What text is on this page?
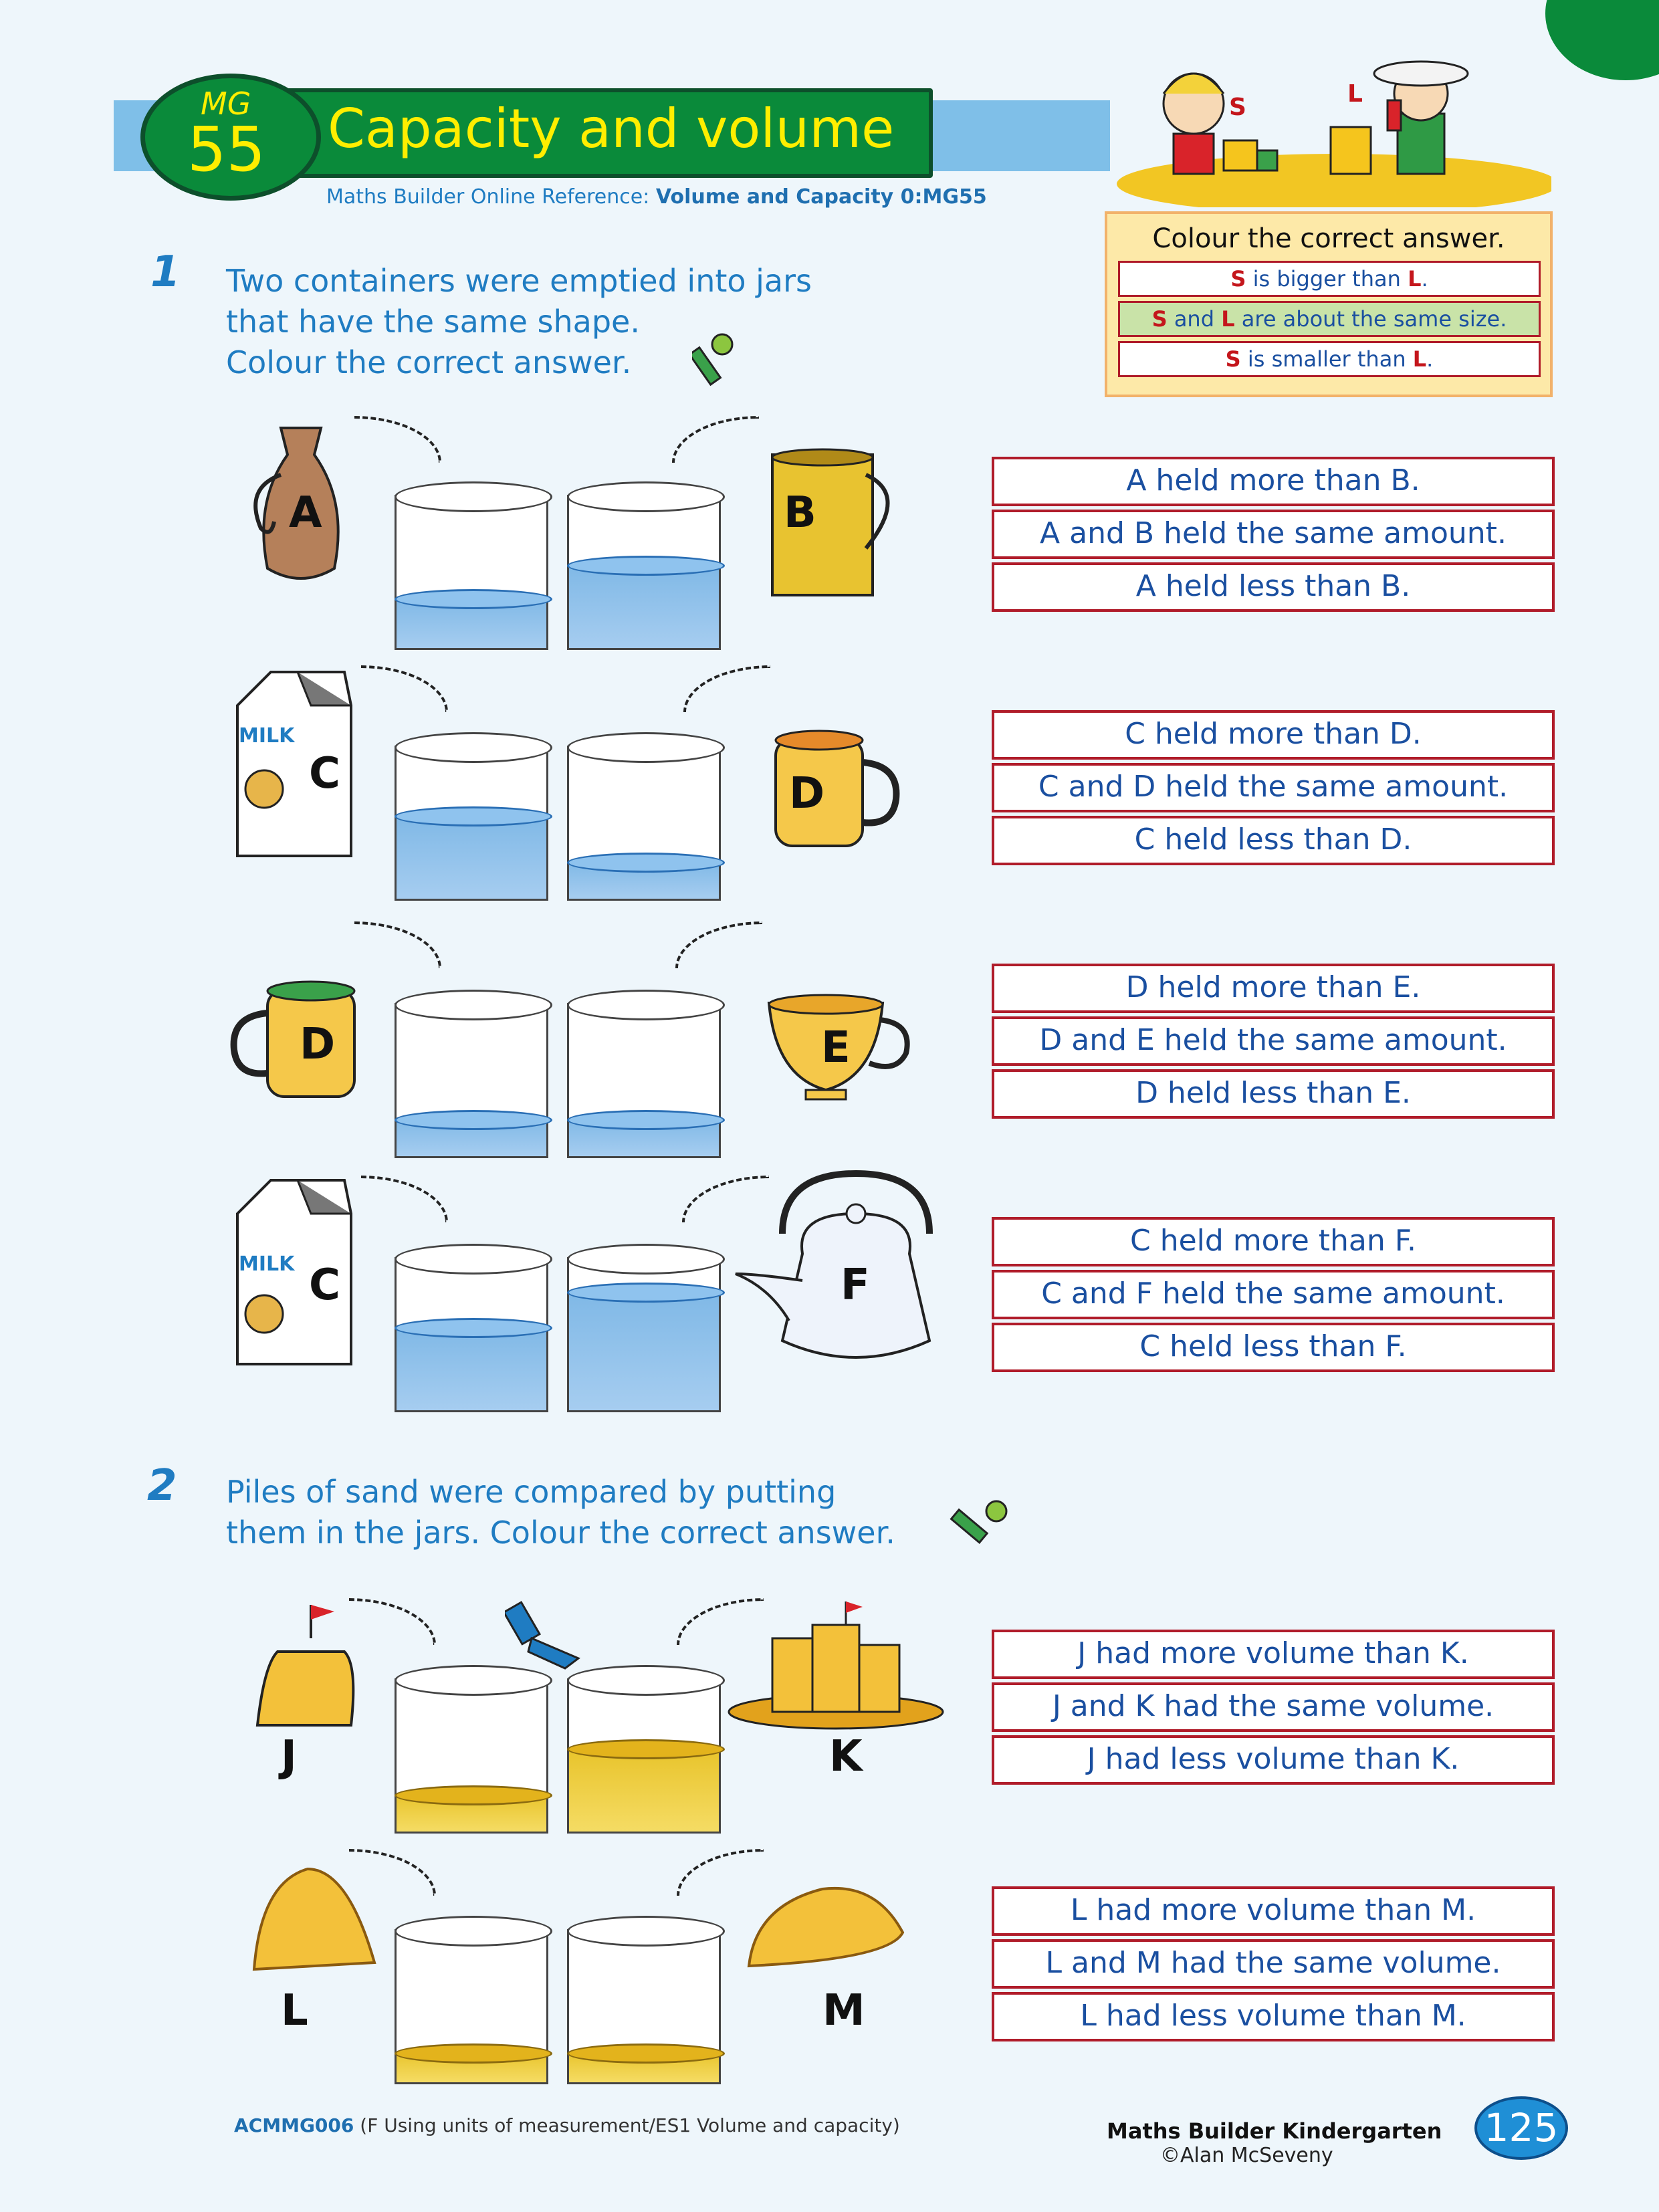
Capacity and volume
MG
55
Maths Builder Online Reference: Volume and Capacity 0:MG55
S	L
Colour the correct answer.
S is bigger than L.
S and L are about the same size.
S is smaller than L.
1 Two containers were emptied into jars
that have the same shape.
Colour the correct answer.
A	B
A held more than B.
A and B held the same amount.
A held less than B.
MILK
C	D
C held more than D.
C and D held the same amount.
C held less than D.
D	E
D held more than E.
D and E held the same amount.
D held less than E.
MILK C	F
C held more than F.
C and F held the same amount.
C held less than F.
2 Piles of sand were compared by putting
them in the jars. Colour the correct answer.
J	K
J had more volume than K.
J and K had the same volume.
J had less volume than K.
L	M
L had more volume than M.
L and M had the same volume.
L had less volume than M.
ACMMG006 (F Using units of measurement/ES1 Volume and capacity)	Maths Builder Kindergarten
©Alan McSeveny
125
